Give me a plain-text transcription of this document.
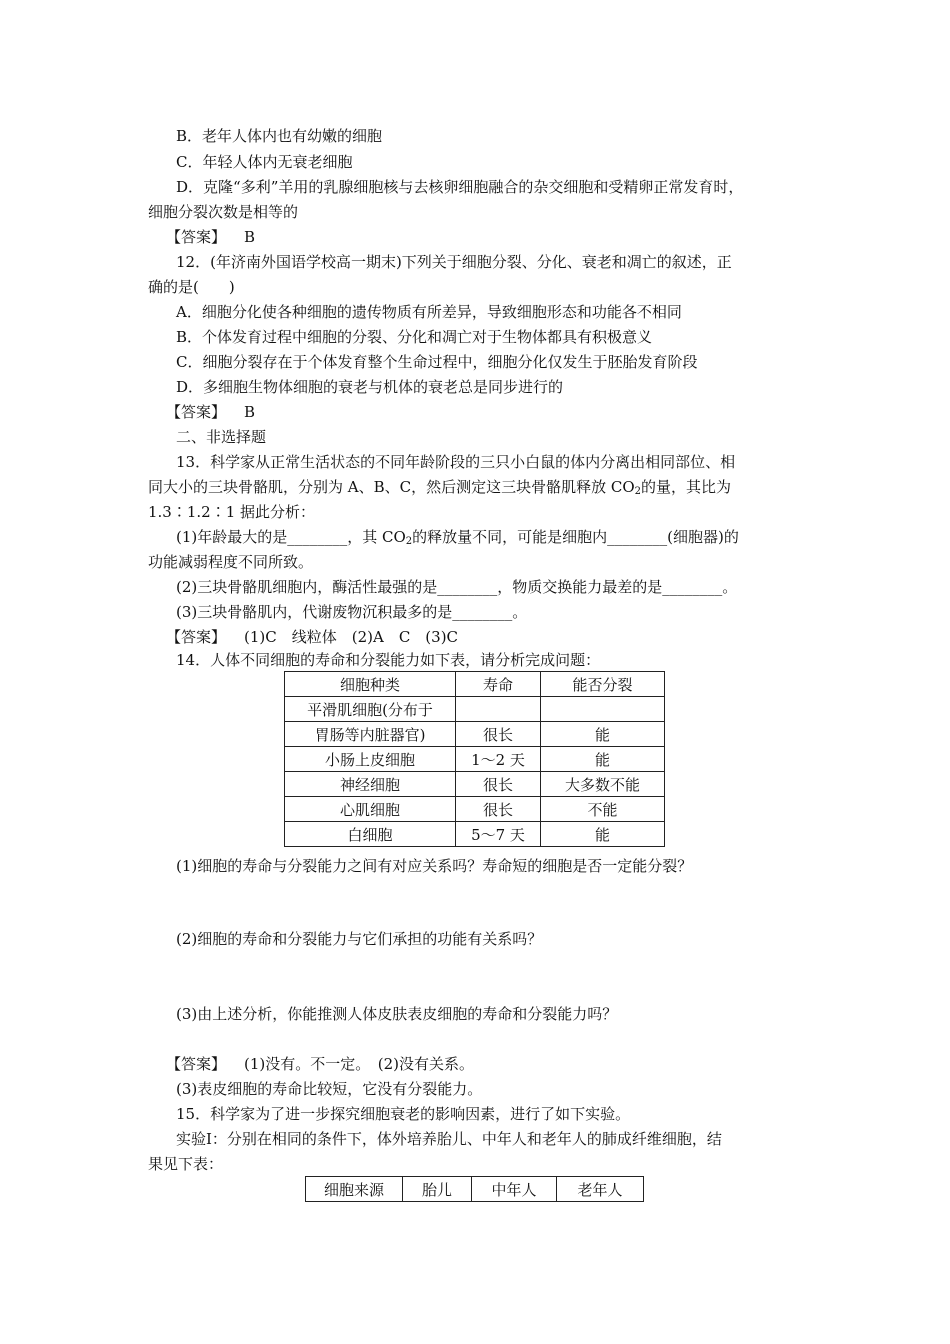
B．老年人体内也有幼嫩的细胞
C．年轻人体内无衰老细胞
D．克隆“多利”羊用的乳腺细胞核与去核卵细胞融合的杂交细胞和受精卵正常发育时，
细胞分裂次数是相等的
【答案】 B
12．(年济南外国语学校高一期末)下列关于细胞分裂、分化、衰老和凋亡的叙述，正
确的是(　　)
A．细胞分化使各种细胞的遗传物质有所差异，导致细胞形态和功能各不相同
B．个体发育过程中细胞的分裂、分化和凋亡对于生物体都具有积极意义
C．细胞分裂存在于个体发育整个生命过程中，细胞分化仅发生于胚胎发育阶段
D．多细胞生物体细胞的衰老与机体的衰老总是同步进行的
【答案】 B
二、非选择题
13．科学家从正常生活状态的不同年龄阶段的三只小白鼠的体内分离出相同部位、相
同大小的三块骨骼肌，分别为 A、B、C，然后测定这三块骨骼肌释放 $CO_2$的量，其比为
1.3∶1.2∶1 据此分析：
(1)年龄最大的是________，其 $CO_2$的释放量不同，可能是细胞内________(细胞器)的
功能减弱程度不同所致。
(2)三块骨骼肌细胞内，酶活性最强的是________，物质交换能力最差的是________。
(3)三块骨骼肌内，代谢废物沉积最多的是________。
【答案】 (1)C　线粒体　(2)A　C　(3)C
14．人体不同细胞的寿命和分裂能力如下表，请分析完成问题：
细胞种类	寿命	能否分裂
平滑肌细胞(分布于		
胃肠等内脏器官)	很长	能
小肠上皮细胞	1～2 天	能
神经细胞	很长	大多数不能
心肌细胞	很长	不能
白细胞	5～7 天	能
(1)细胞的寿命与分裂能力之间有对应关系吗？寿命短的细胞是否一定能分裂？
(2)细胞的寿命和分裂能力与它们承担的功能有关系吗？
(3)由上述分析，你能推测人体皮肤表皮细胞的寿命和分裂能力吗？
【答案】 (1)没有。不一定。　(2)没有关系。
(3)表皮细胞的寿命比较短，它没有分裂能力。
15．科学家为了进一步探究细胞衰老的影响因素，进行了如下实验。
实验Ⅰ：分别在相同的条件下，体外培养胎儿、中年人和老年人的肺成纤维细胞，结
果见下表：
细胞来源	胎儿	中年人	老年人
